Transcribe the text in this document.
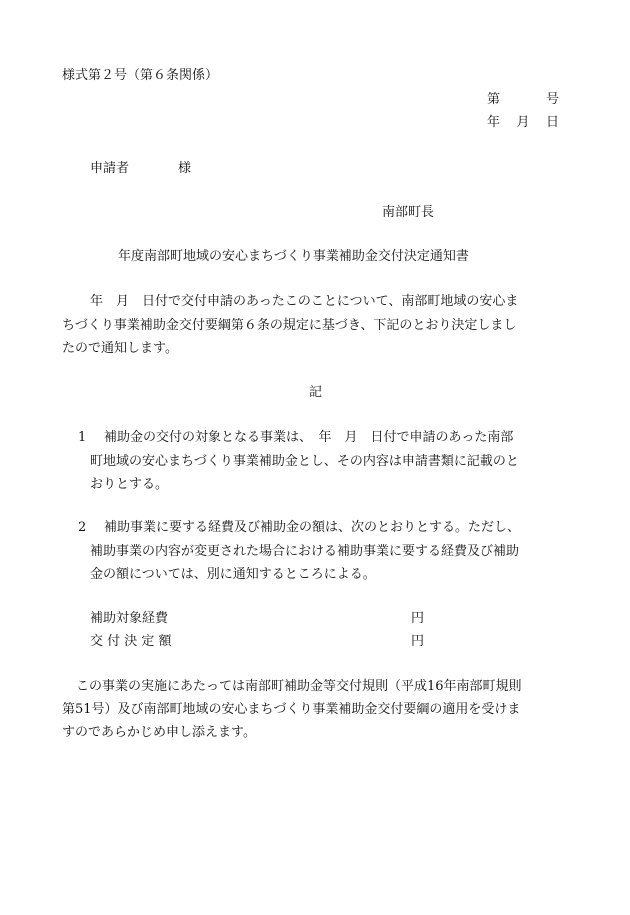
様式第２号（第６条関係）
第	号
年 月 日
申請者	様
南部町長
年度南部町地域の安心まちづくり事業補助金交付決定通知書
年　月　日付で交付申請のあったこのことについて、南部町地域の安心ま
ちづくり事業補助金交付要綱第６条の規定に基づき、下記のとおり決定しまし
たので通知します。
記
1 補助金の交付の対象となる事業は、　年　月　日付で申請のあった南部
町地域の安心まちづくり事業補助金とし、その内容は申請書類に記載のと
おりとする。
2 補助事業に要する経費及び補助金の額は、次のとおりとする。ただし、
補助事業の内容が変更された場合における補助事業に要する経費及び補助
金の額については、別に通知するところによる。
補助対象経費	円
交 付 決 定 額	円
この事業の実施にあたっては南部町補助金等交付規則（平成16年南部町規則
第51号）及び南部町地域の安心まちづくり事業補助金交付要綱の適用を受けま
すのであらかじめ申し添えます。
